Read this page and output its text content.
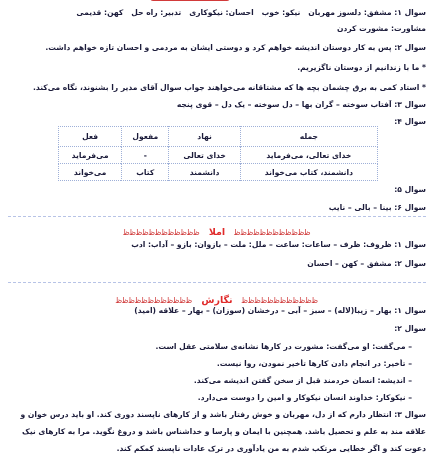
سوال ۱: مشفق: دلسوز مهربان   نیکو: خوب   احسان: نیکوکاری   تدبیر: راه حل   کهن: قدیمی
مشاورت: مشورت کردن
سوال ۲: پس به کار دوستان اندیشه خواهم کرد و دوستی ایشان به مردمی و احسان تازه خواهم داشت.
* ما با زندانیم از دوستان ناگزیریم.
* استاد کمی به برق چشمان بچه ها که مشتاقانه می‌خواهند جواب سوال آقای مدیر را بشنوند، نگاه می‌کند.
سوال ۳: آفتاب سوخته – گران بها – دل سوخته – یک دل – قوی پنجه
سوال ۴:
جمله	نهاد	مفعول	فعل
خدای تعالی، می‌فرماید	خدای تعالی	-	می‌فرماید
دانشمند، کتاب می‌خواند	دانشمند	کتاب	می‌خواند
سوال ۵:
سوال ۶: بینا – بالی – نایب
ﻇﻇﻇﻇﻇﻇﻇﻇﻇﻇﻇﻇ املا ﻇﻇﻇﻇﻇﻇﻇﻇﻇﻇﻇﻇ
سوال ۱: ظروف: ظرف – ساعات: ساعت – ملل: ملت – بازوان: بازو – آداب: ادب
سوال ۲: مشفق – کهن – احسان
ﻇﻇﻇﻇﻇﻇﻇﻇﻇﻇﻇﻇ نگارش ﻇﻇﻇﻇﻇﻇﻇﻇﻇﻇﻇﻇ
سوال ۱: بهار – زیبا(لاله) – سبز – آبی – درخشان (سوزان) – بهار – علاقه (امید)
سوال ۲:
– می‌گفت: او می‌گفت: مشورت در کارها نشانه‌ی سلامتی عقل است.
– تأخیر: در انجام دادن کارها تأخیر نمودن، روا نیست.
– اندیشه: انسان خردمند قبل از سخن گفتن اندیشه می‌کند.
– نیکوکار: خداوند انسان نیکوکار و امین را دوست می‌دارد.
سوال ۳: انتظار دارم که از دل، مهربان و خوش رفتار باشد و از کارهای ناپسند دوری کند. او باید درس خوان و
علاقه مند به علم و تحصیل باشد. همچنین با ایمان و پارسا و خداشناس باشد و دروغ نگوید. مرا به کارهای نیک
دعوت کند و اگر خطایی مرتکب شدم به من یادآوری در ترک عادات ناپسند کمکم کند.
